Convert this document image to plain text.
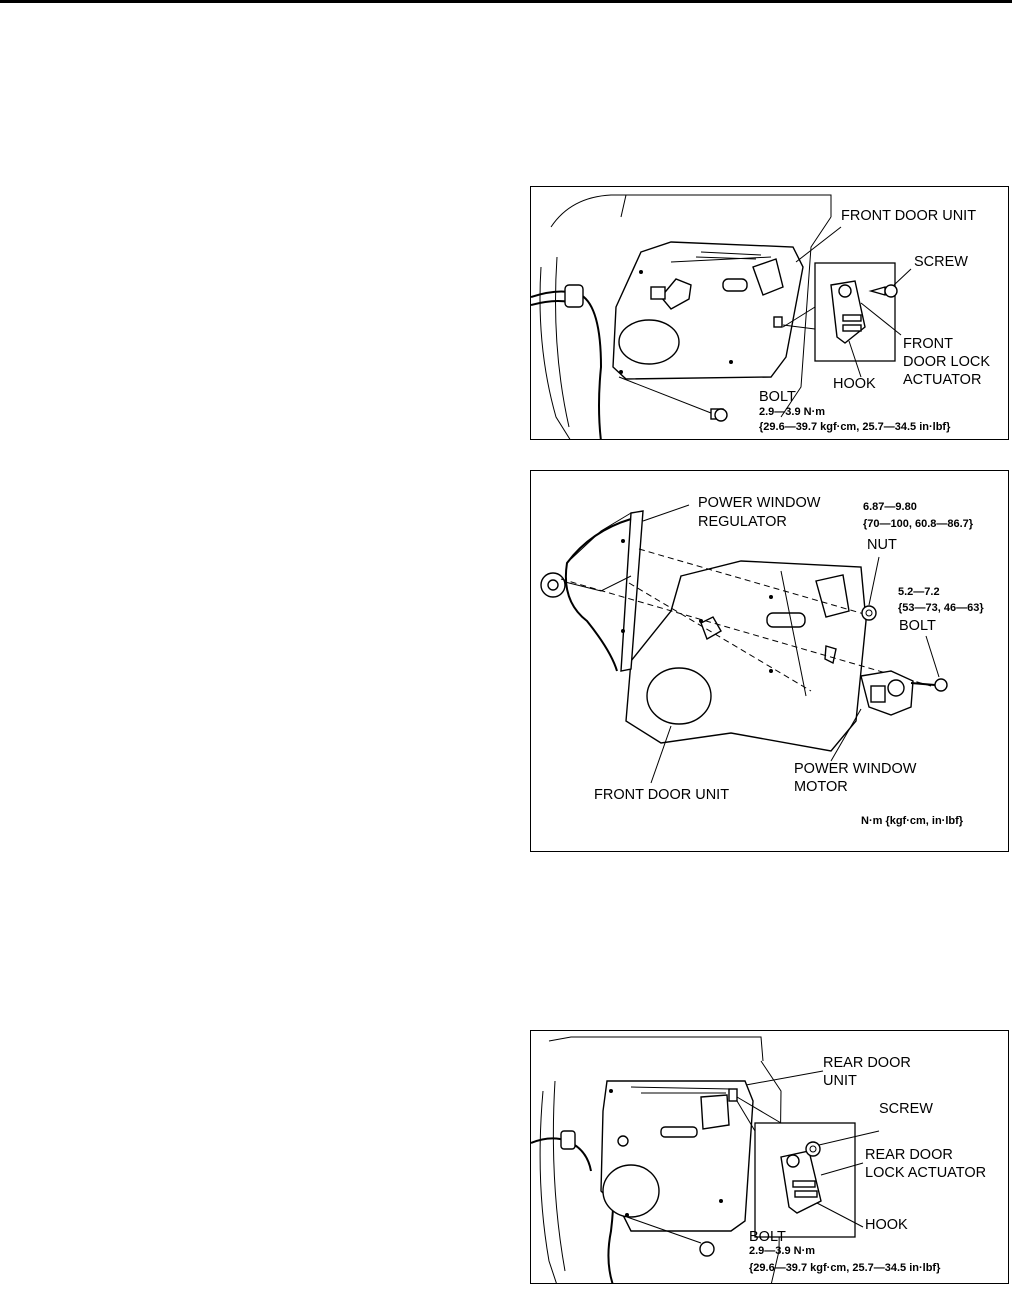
FRONT DOOR UNIT
SCREW
FRONT
DOOR LOCK
ACTUATOR
HOOK
BOLT
2.9—3.9 N·m
{29.6—39.7 kgf·cm, 25.7—34.5 in·lbf}
POWER WINDOW
REGULATOR
6.87—9.80
{70—100, 60.8—86.7}
NUT
5.2—7.2
{53—73, 46—63}
BOLT
POWER WINDOW
MOTOR
FRONT DOOR UNIT
N·m {kgf·cm, in·lbf}
REAR DOOR
UNIT
SCREW
REAR DOOR
LOCK ACTUATOR
HOOK
BOLT
2.9—3.9 N·m
{29.6—39.7 kgf·cm, 25.7—34.5 in·lbf}
